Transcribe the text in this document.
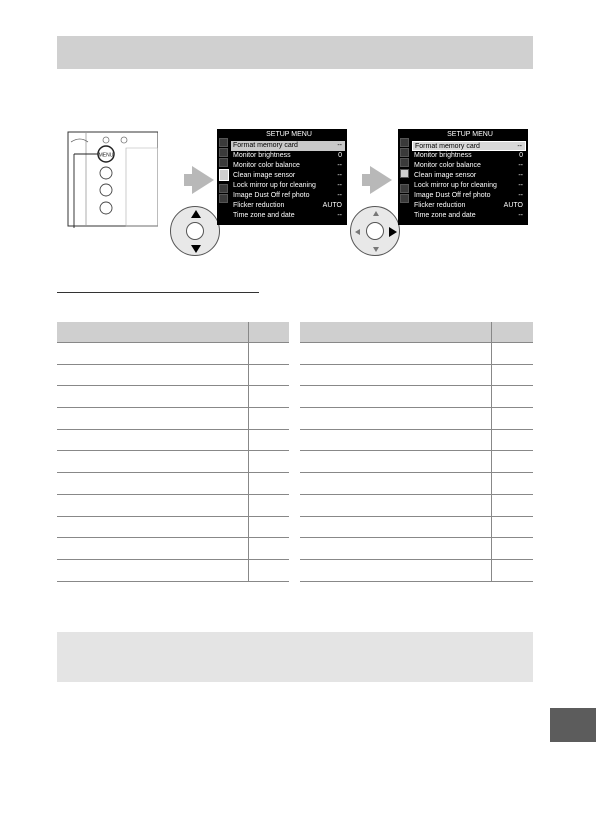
MENU
SETUP MENU
Format memory card	--
Monitor brightness	0
Monitor color balance	--
Clean image sensor	--
Lock mirror up for cleaning	--
Image Dust Off ref photo	--
Flicker reduction	AUTO
Time zone and date	--
SETUP MENU
Format memory card	--
Monitor brightness	0
Monitor color balance	--
Clean image sensor	--
Lock mirror up for cleaning	--
Image Dust Off ref photo	--
Flicker reduction	AUTO
Time zone and date	--
